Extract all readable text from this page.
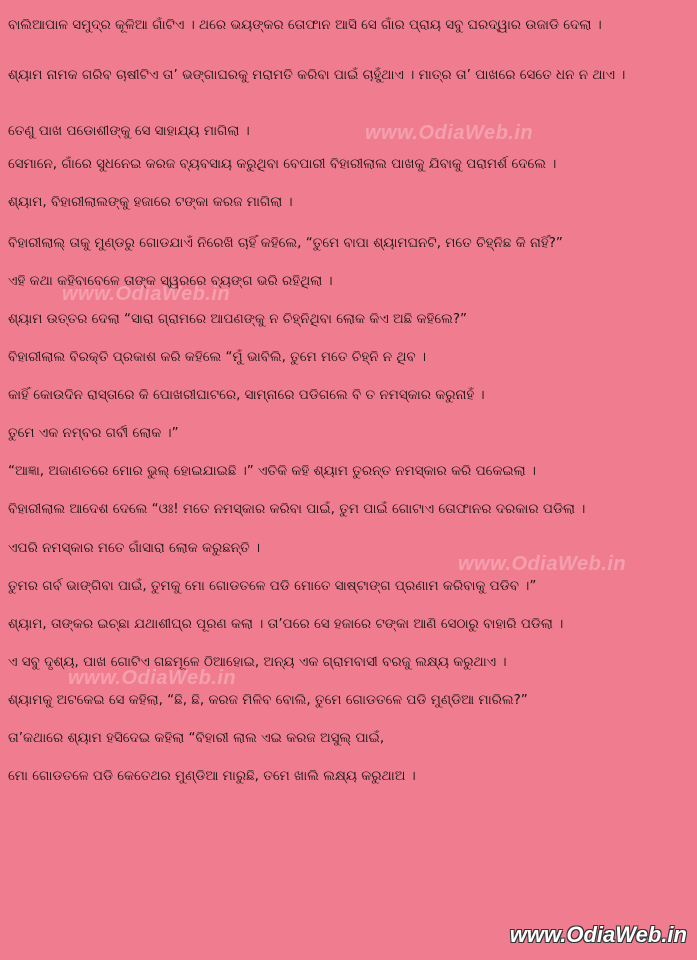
ବାଲିଆପାଳ ସମୁଦ୍ର କୂଳିଆ ଗାଁଟିଏ । ଥରେ ଭୟଙ୍କର ତୋଫାନ ଆସି ସେ ଗାଁର ପ୍ରାୟ ସବୁ ଘରଦ୍ୱାର ଉଜାଡି ଦେଲା ।
ଶ୍ୟାମ ନାମକ ଗରିବ ଚାଷୀଟିଏ ତା’ ଭଙ୍ଗାଘରକୁ ମରାମତି କରିବା ପାଇଁ ଚାହୁଁଥାଏ । ମାତ୍ର ତା’ ପାଖରେ ସେତେ ଧନ ନ ଥାଏ ।
ତେଣୁ ପାଖ ପଡୋଶୀଙ୍କୁ ସେ ସାହାଯ୍ୟ ମାଗିଲା ।
ସେମାନେ, ଗାଁରେ ସୁଧନେଇ କରଜ ବ୍ୟବସାୟ କରୁଥିବା ବେପାରୀ ବିହାରୀଲାଲ ପାଖକୁ ଯିବାକୁ ପରାମର୍ଶ ଦେଲେ ।
ଶ୍ୟାମ, ବିହାରୀଲାଲଙ୍କୁ ହଜାରେ ଟଙ୍କା କରଜ ମାଗିଲା ।
ବିହାରୀଲାଲ୍ ତାକୁ ମୁଣ୍ଡରୁ ଗୋଡଯାଏଁ ନିରେଖି ଚାହିଁ କହିଲେ, “ତୁମେ ବାପା ଶ୍ୟାମଘନଟି, ମତେ ଚିହ୍ନିଛ କି ନାହିଁ?”
ଏହି କଥା କହିବାବେଳେ ତାଙ୍କ ସ୍ୱରରେ ବ୍ୟଙ୍ଗ ଭରି ରହିଥିଲା ।
ଶ୍ୟାମ ଉତ୍ତର ଦେଲା “ସାରା ଗ୍ରାମରେ ଆପଣଙ୍କୁ ନ ଚିହ୍ନିଥିବା ଲୋକ କିଏ ଅଛି କହିଲେ?”
ବିହାରୀଲାଲ ବିରକ୍ତି ପ୍ରକାଶ କରି କହିଲେ “ମୁଁ ଭାବିଲି, ତୁମେ ମତେ ଚିହ୍ନି ନ ଥିବ ।
କାହିଁ କୋଉଦିନ ରାସ୍ତାରେ କି ପୋଖରୀଘାଟରେ, ସାମ୍ନାରେ ପଡିଗଲେ ବି ତ ନମସ୍କାର କରୁନାହଁ ।
ତୁମେ ଏକ ନମ୍ବର ଗର୍ବୀ ଲୋକ ।”
“ଆଜ୍ଞା, ଅଜାଣତରେ ମୋର ଭୁଲ୍ ହୋଇଯାଇଛି ।” ଏତିକି କହି ଶ୍ୟାମ ତୁରନ୍ତ ନମସ୍କାର କରି ପକେଇଲା ।
ବିହାରୀଲାଲ ଆଦେଶ ଦେଲେ “ଓଃ! ମତେ ନମସ୍କାର କରିବା ପାଇଁ, ତୁମ ପାଇଁ ଗୋଟାଏ ତୋଫାନର ଦରକାର ପଡିଲା ।
ଏପରି ନମସ୍କାର ମତେ ଗାଁସାରା ଲୋକ କରୁଛନ୍ତି ।
ତୁମର ଗର୍ବ ଭାଙ୍ଗିବା ପାଇଁ, ତୁମକୁ ମୋ ଗୋଡତଳେ ପଡି ମୋତେ ସାଷ୍ଟାଙ୍ଗ ପ୍ରଣାମ କରିବାକୁ ପଡିବ ।”
ଶ୍ୟାମ, ତାଙ୍କର ଇଚ୍ଛା ଯଥାଶୀଘ୍ର ପୂରଣ କଲା । ତା’ପରେ ସେ ହଜାରେ ଟଙ୍କା ଆଣି ସେଠାରୁ ବାହାରି ପଡିଲା ।
ଏ ସବୁ ଦୃଶ୍ୟ, ପାଖ ଗୋଟିଏ ଗଛମୂଳେ ଠିଆହୋଇ, ଅନ୍ୟ ଏକ ଗ୍ରାମବାସୀ ବରଜୁ ଲକ୍ଷ୍ୟ କରୁଥାଏ ।
ଶ୍ୟାମକୁ ଅଟକେଇ ସେ କହିଲା, “ଛି, ଛି, କରଜ ମିଳିବ ବୋଲି, ତୁମେ ଗୋଡତଳେ ପଡି ମୁଣ୍ଡିଆ ମାରିଲ?”
ତା’କଥାରେ ଶ୍ୟାମ ହସିଦେଇ କହିଲା “ବିହାରୀ ଲାଲ ଏଇ କରଜ ଅସୁଲ୍ ପାଇଁ,
ମୋ ଗୋଡତଳେ ପଡି କେତେଥର ମୁଣ୍ଡିଆ ମାରୁଛି, ତମେ ଖାଲି ଲକ୍ଷ୍ୟ କରୁଥାଅ ।
www.OdiaWeb.in
www.OdiaWeb.in
www.OdiaWeb.in
www.OdiaWeb.in
www.OdiaWeb.in
